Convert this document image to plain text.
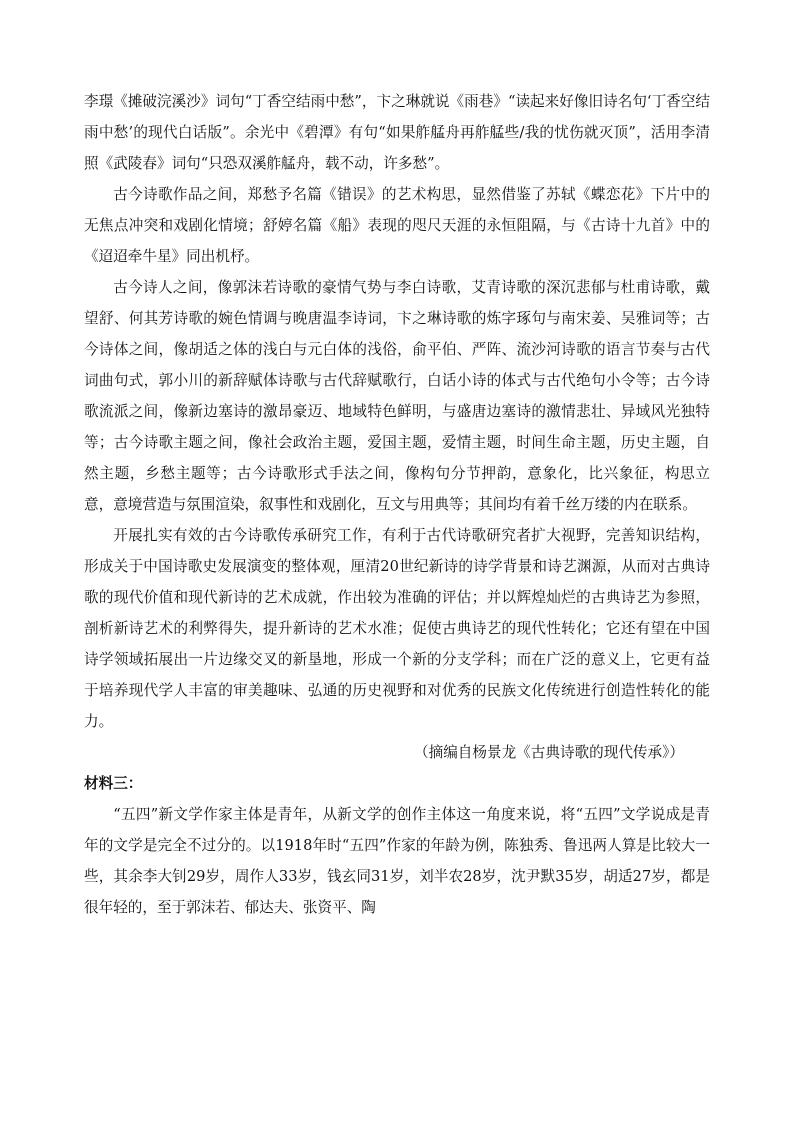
李璟《摊破浣溪沙》词句“丁香空结雨中愁”，卞之琳就说《雨巷》“读起来好像旧诗名句‘丁香空结雨中愁’的现代白话版”。余光中《碧潭》有句“如果舴艋舟再舴艋些/我的忧伤就灭顶”，活用李清照《武陵春》词句“只恐双溪舴艋舟，载不动，许多愁”。

古今诗歌作品之间，郑愁予名篇《错误》的艺术构思，显然借鉴了苏轼《蝶恋花》下片中的无焦点冲突和戏剧化情境；舒婷名篇《船》表现的咫尺天涯的永恒阻隔，与《古诗十九首》中的《迢迢牵牛星》同出机杼。

古今诗人之间，像郭沫若诗歌的豪情气势与李白诗歌，艾青诗歌的深沉悲郁与杜甫诗歌，戴望舒、何其芳诗歌的婉色情调与晚唐温李诗词，卞之琳诗歌的炼字琢句与南宋姜、吴雅词等；古今诗体之间，像胡适之体的浅白与元白体的浅俗，俞平伯、严阵、流沙河诗歌的语言节奏与古代词曲句式，郭小川的新辞赋体诗歌与古代辞赋歌行，白话小诗的体式与古代绝句小令等；古今诗歌流派之间，像新边塞诗的激昂豪迈、地域特色鲜明，与盛唐边塞诗的激情悲壮、异域风光独特等；古今诗歌主题之间，像社会政治主题，爱国主题，爱情主题，时间生命主题，历史主题，自然主题，乡愁主题等；古今诗歌形式手法之间，像构句分节押韵，意象化，比兴象征，构思立意，意境营造与氛围渲染，叙事性和戏剧化，互文与用典等；其间均有着千丝万缕的内在联系。

开展扎实有效的古今诗歌传承研究工作，有利于古代诗歌研究者扩大视野，完善知识结构，形成关于中国诗歌史发展演变的整体观，厘清20世纪新诗的诗学背景和诗艺渊源，从而对古典诗歌的现代价值和现代新诗的艺术成就，作出较为准确的评估；并以辉煌灿烂的古典诗艺为参照，剖析新诗艺术的利弊得失，提升新诗的艺术水准；促使古典诗艺的现代性转化；它还有望在中国诗学领域拓展出一片边缘交叉的新垦地，形成一个新的分支学科；而在广泛的意义上，它更有益于培养现代学人丰富的审美趣味、弘通的历史视野和对优秀的民族文化传统进行创造性转化的能力。

（摘编自杨景龙《古典诗歌的现代传承》）

材料三：

“五四”新文学作家主体是青年，从新文学的创作主体这一角度来说，将“五四”文学说成是青年的文学是完全不过分的。以1918年时“五四”作家的年龄为例，陈独秀、鲁迅两人算是比较大一些，其余李大钊29岁，周作人33岁，钱玄同31岁，刘半农28岁，沈尹默35岁，胡适27岁，都是很年轻的，至于郭沫若、郁达夫、张资平、陶
